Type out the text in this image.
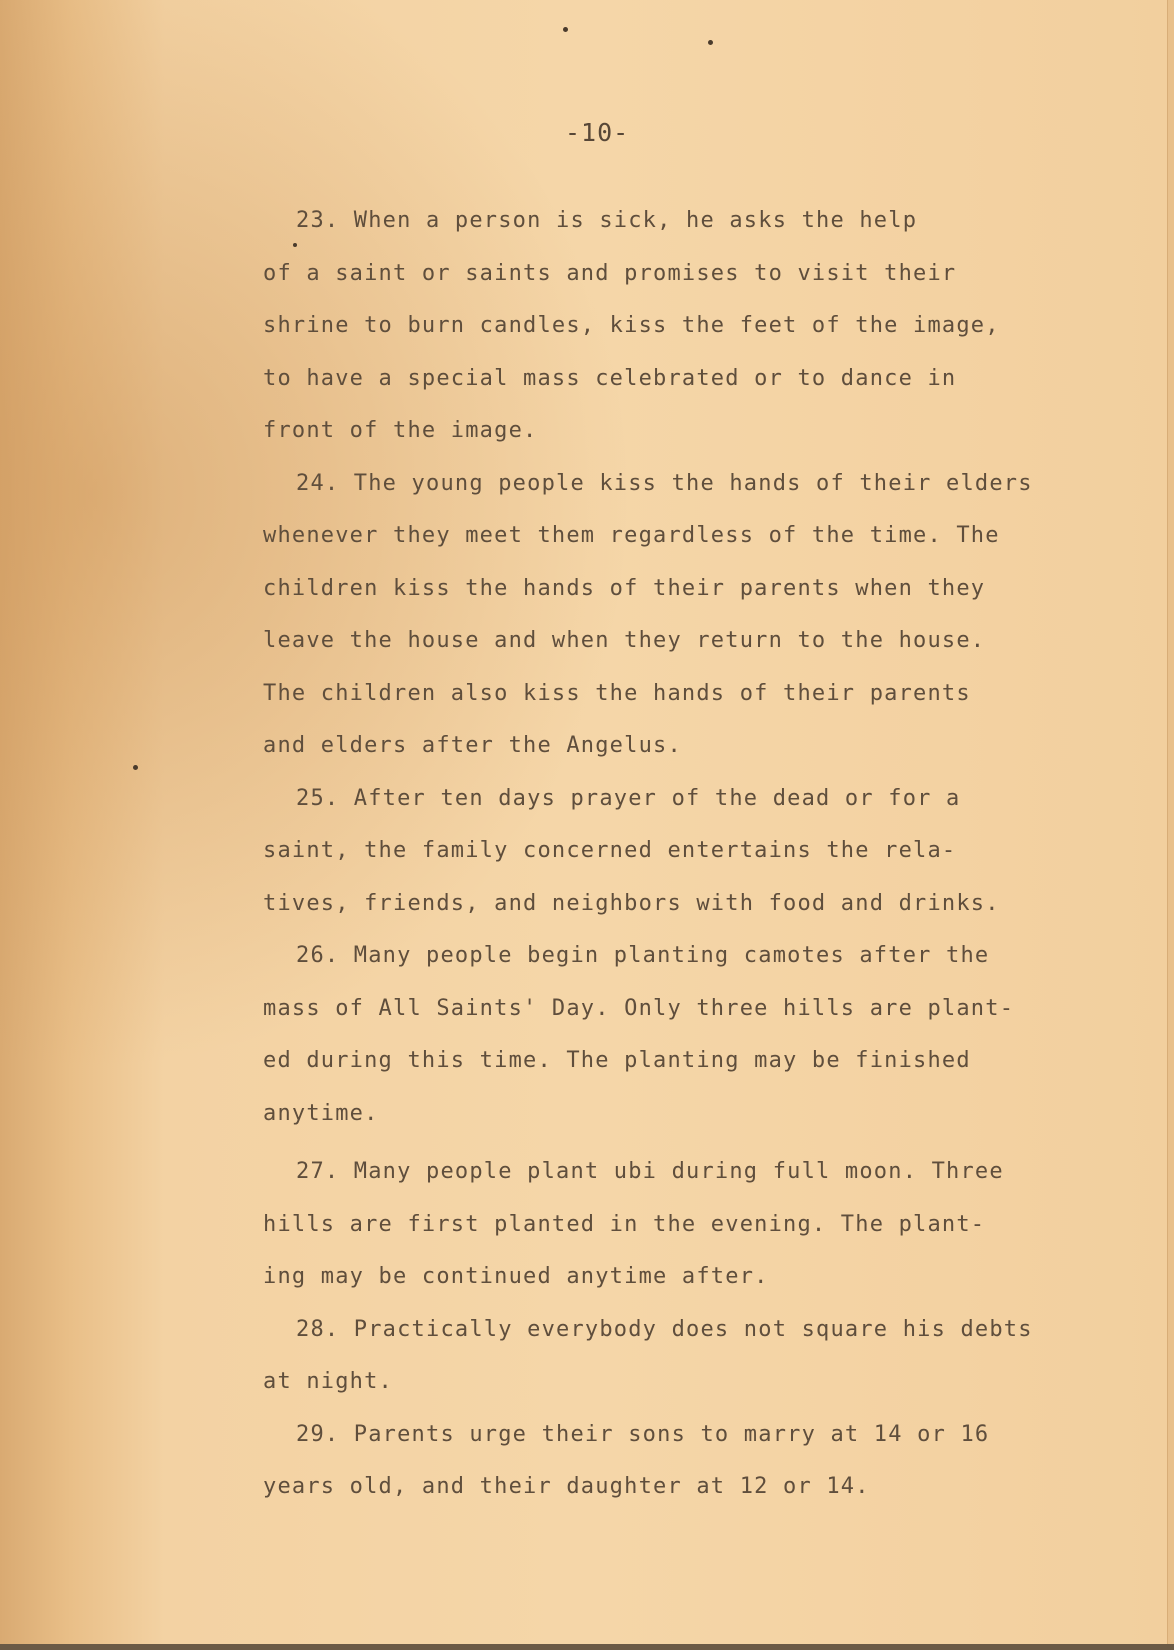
-10-
23. When a person is sick, he asks the help
of a saint or saints and promises to visit their
shrine to burn candles, kiss the feet of the image,
to have a special mass celebrated or to dance in
front of the image.
24. The young people kiss the hands of their elders
whenever they meet them regardless of the time. The
children kiss the hands of their parents when they
leave the house and when they return to the house.
The children also kiss the hands of their parents
and elders after the Angelus.
25. After ten days prayer of the dead or for a
saint, the family concerned entertains the rela-
tives, friends, and neighbors with food and drinks.
26. Many people begin planting camotes after the
mass of All Saints' Day. Only three hills are plant-
ed during this time. The planting may be finished
anytime.
27. Many people plant ubi during full moon. Three
hills are first planted in the evening. The plant-
ing may be continued anytime after.
28. Practically everybody does not square his debts
at night.
29. Parents urge their sons to marry at 14 or 16
years old, and their daughter at 12 or 14.
